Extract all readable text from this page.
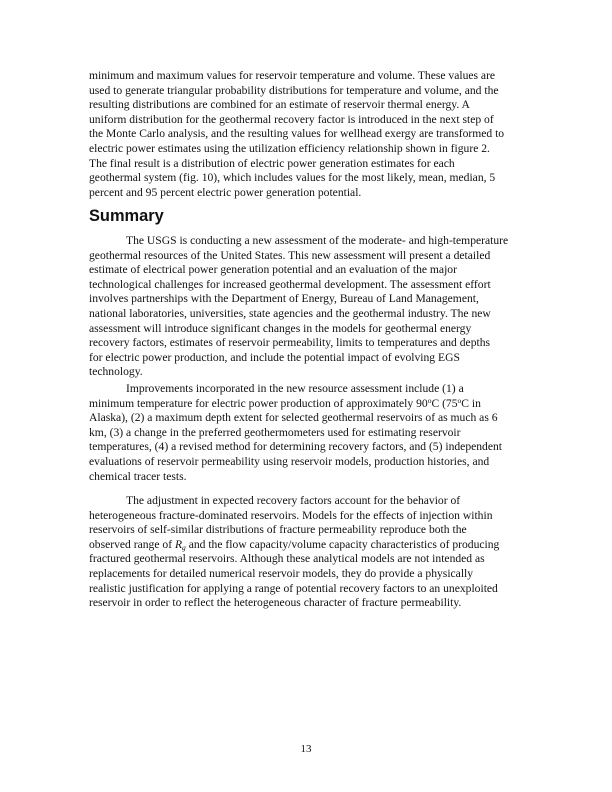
minimum and maximum values for reservoir temperature and volume. These values are
used to generate triangular probability distributions for temperature and volume, and the
resulting distributions are combined for an estimate of reservoir thermal energy. A
uniform distribution for the geothermal recovery factor is introduced in the next step of
the Monte Carlo analysis, and the resulting values for wellhead exergy are transformed to
electric power estimates using the utilization efficiency relationship shown in figure 2.
The final result is a distribution of electric power generation estimates for each
geothermal system (fig. 10), which includes values for the most likely, mean, median, 5
percent and 95 percent electric power generation potential.

Summary

The USGS is conducting a new assessment of the moderate- and high-temperature
geothermal resources of the United States. This new assessment will present a detailed
estimate of electrical power generation potential and an evaluation of the major
technological challenges for increased geothermal development. The assessment effort
involves partnerships with the Department of Energy, Bureau of Land Management,
national laboratories, universities, state agencies and the geothermal industry. The new
assessment will introduce significant changes in the models for geothermal energy
recovery factors, estimates of reservoir permeability, limits to temperatures and depths
for electric power production, and include the potential impact of evolving EGS
technology.

Improvements incorporated in the new resource assessment include (1) a
minimum temperature for electric power production of approximately 90$^o$C (75$^o$C in
Alaska), (2) a maximum depth extent for selected geothermal reservoirs of as much as 6
km, (3) a change in the preferred geothermometers used for estimating reservoir
temperatures, (4) a revised method for determining recovery factors, and (5) independent
evaluations of reservoir permeability using reservoir models, production histories, and
chemical tracer tests.

The adjustment in expected recovery factors account for the behavior of
heterogeneous fracture-dominated reservoirs. Models for the effects of injection within
reservoirs of self-similar distributions of fracture permeability reproduce both the
observed range of $R_g$ and the flow capacity/volume capacity characteristics of producing
fractured geothermal reservoirs. Although these analytical models are not intended as
replacements for detailed numerical reservoir models, they do provide a physically
realistic justification for applying a range of potential recovery factors to an unexploited
reservoir in order to reflect the heterogeneous character of fracture permeability.

13
